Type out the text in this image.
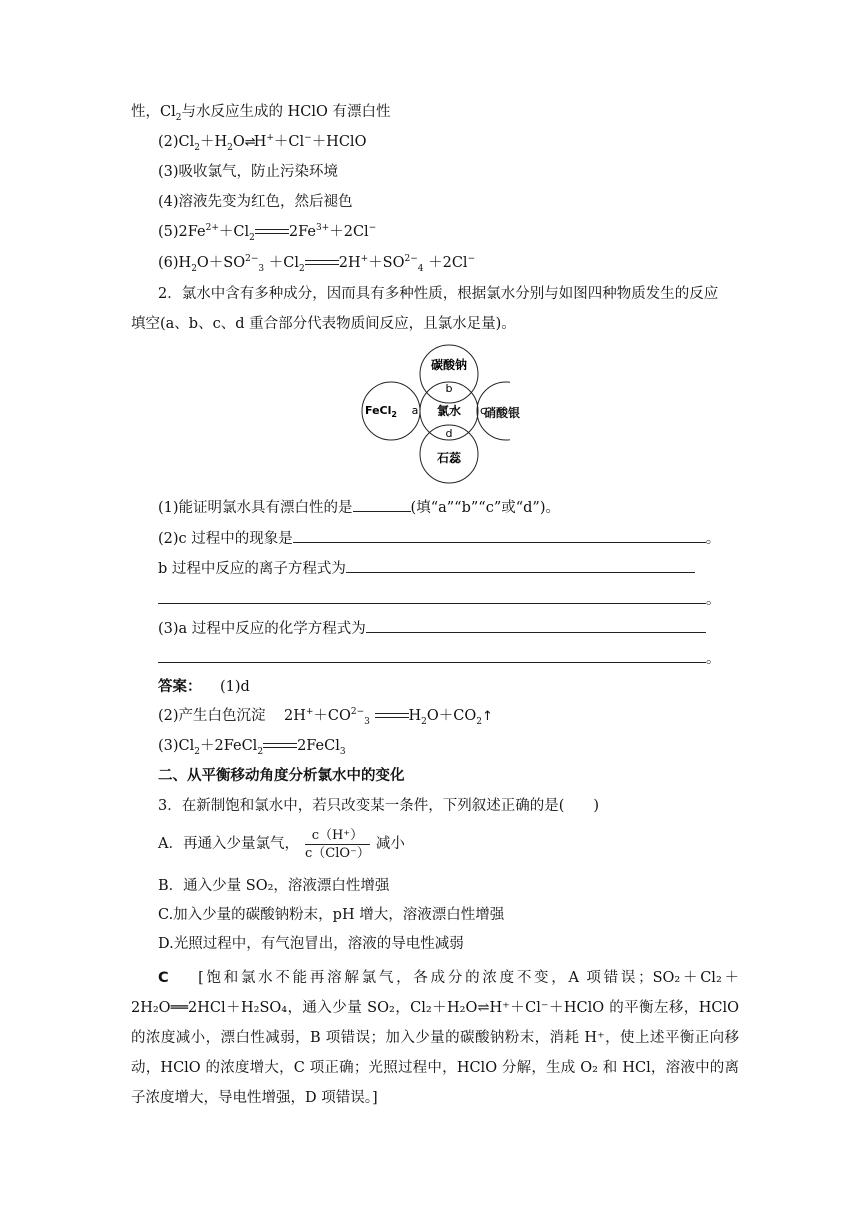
性，$Cl_2$与水反应生成的 HClO 有漂白性
$(2)Cl_2+H_2O\rightleftharpoons H^++Cl^-+HClO$
(3)吸收氯气，防止污染环境
(4)溶液先变为红色，然后褪色
$(5)2Fe^{2+}+Cl_2$ $2Fe^{3+}+2Cl^-$
$(6)H_2O+SO^{2-}_3 +Cl_2$ $2H^++SO^{2-}_4 +2Cl^-$
2．氯水中含有多种成分，因而具有多种性质，根据氯水分别与如图四种物质发生的反应
填空(a、b、c、d 重合部分代表物质间反应，且氯水足量)。
碳酸钠
b
FeCl$_2$ a 氯水 c
d
石蕊
硝酸银
(1)能证明氯水具有漂白性的是	(填“a”“b”“c”或“d”)。
(2)c 过程中的现象是	。
b 过程中反应的离子方程式为
。
(3)a 过程中反应的化学方程式为
。
答案： (1)d
(2)产生白色沉淀 $2H^++CO^{2-}_3$	$H_2O+CO_2↑$
$(3)Cl_2+2FeCl_2$ 2FeCl$_3$
二、从平衡移动角度分析氯水中的变化
3．在新制饱和氯水中，若只改变某一条件，下列叙述正确的是(　　)
A．再通入少量氯气， $\frac{c(H^+)}{\text{c（ClO⁻）}}$ 减小
B．通入少量 SO₂，溶液漂白性增强
C.加入少量的碳酸钠粉末，pH 增大，溶液漂白性增强
D.光照过程中，有气泡冒出，溶液的导电性减弱
C [饱和氯水不能再溶解氯气，各成分的浓度不变，A 项错误；SO₂＋Cl₂＋2H₂O══2HCl＋H₂SO₄，通入少量 SO₂，Cl₂＋H₂O⇌H⁺＋Cl⁻＋HClO 的平衡左移，HClO 的浓度减小，漂白性减弱，B 项错误；加入少量的碳酸钠粉末，消耗 H⁺，使上述平衡正向移动，HClO 的浓度增大，C 项正确；光照过程中，HClO 分解，生成 O₂ 和 HCl，溶液中的离子浓度增大，导电性增强，D 项错误。]
